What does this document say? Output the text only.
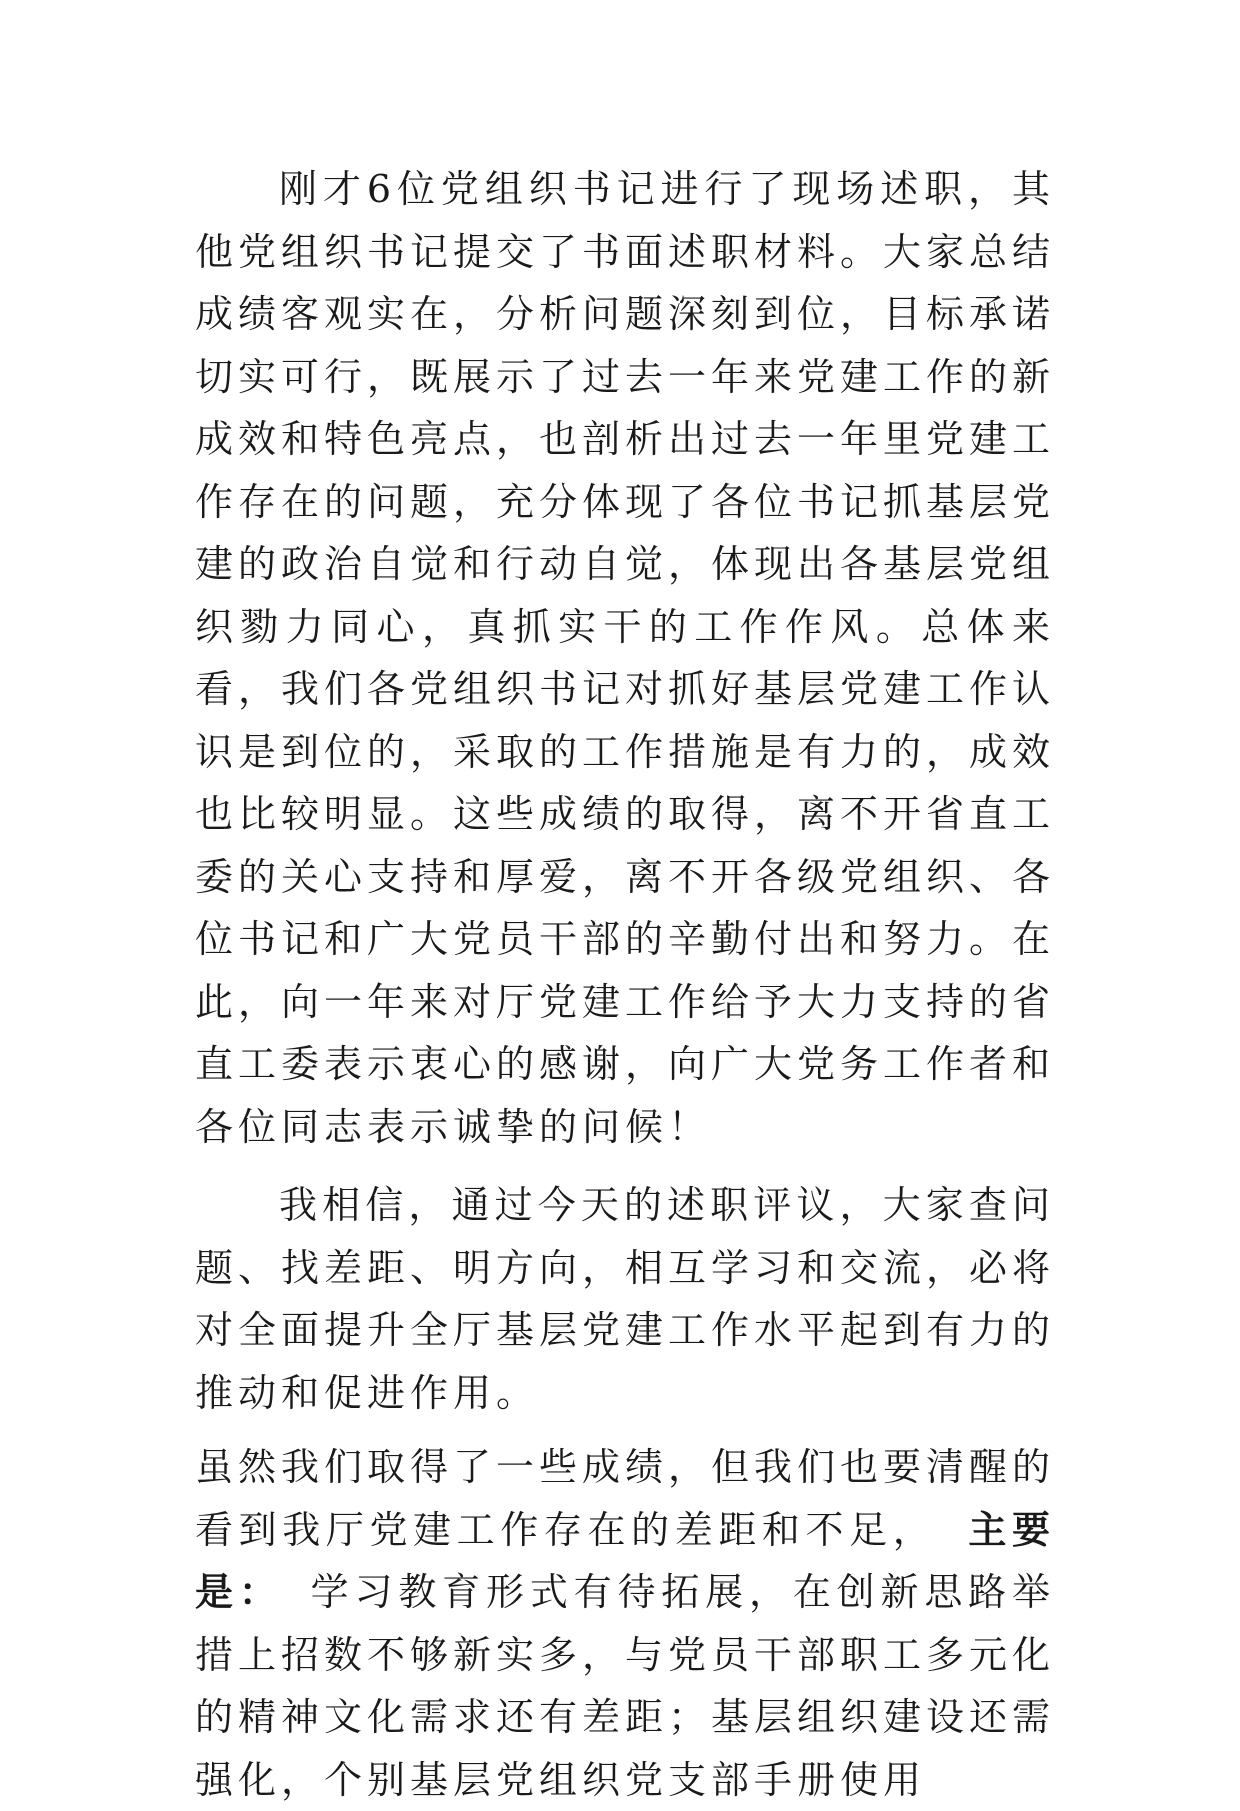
刚才6位党组织书记进行了现场述职，其他党组织书记提交了书面述职材料。大家总结成绩客观实在，分析问题深刻到位，目标承诺切实可行，既展示了过去一年来党建工作的新成效和特色亮点，也剖析出过去一年里党建工作存在的问题，充分体现了各位书记抓基层党建的政治自觉和行动自觉，体现出各基层党组织勠力同心，真抓实干的工作作风。总体来看，我们各党组织书记对抓好基层党建工作认识是到位的，采取的工作措施是有力的，成效也比较明显。这些成绩的取得，离不开省直工委的关心支持和厚爱，离不开各级党组织、各位书记和广大党员干部的辛勤付出和努力。在此，向一年来对厅党建工作给予大力支持的省直工委表示衷心的感谢，向广大党务工作者和各位同志表示诚挚的问候！

我相信，通过今天的述职评议，大家查问题、找差距、明方向，相互学习和交流，必将对全面提升全厅基层党建工作水平起到有力的推动和促进作用。

虽然我们取得了一些成绩，但我们也要清醒的看到我厅党建工作存在的差距和不足， 主要是： 学习教育形式有待拓展，在创新思路举措上招数不够新实多，与党员干部职工多元化的精神文化需求还有差距；基层组织建设还需强化，个别基层党组织党支部手册使用
